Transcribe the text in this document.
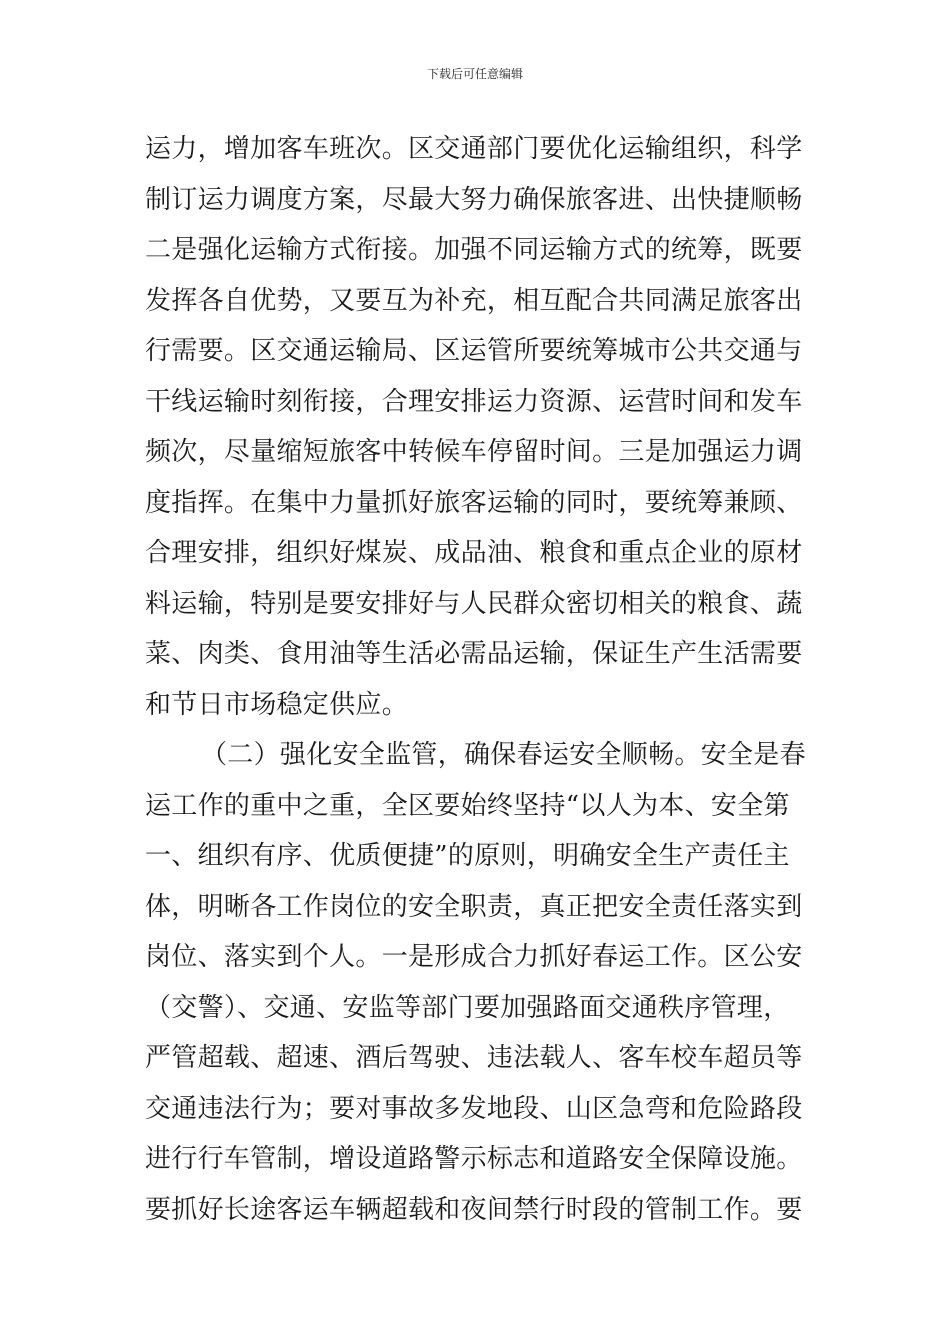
下载后可任意编辑
运力，增加客车班次。区交通部门要优化运输组织，科学
制订运力调度方案，尽最大努力确保旅客进、出快捷顺畅
二是强化运输方式衔接。加强不同运输方式的统筹，既要
发挥各自优势，又要互为补充，相互配合共同满足旅客出
行需要。区交通运输局、区运管所要统筹城市公共交通与
干线运输时刻衔接，合理安排运力资源、运营时间和发车
频次，尽量缩短旅客中转候车停留时间。三是加强运力调
度指挥。在集中力量抓好旅客运输的同时，要统筹兼顾、
合理安排，组织好煤炭、成品油、粮食和重点企业的原材
料运输，特别是要安排好与人民群众密切相关的粮食、蔬
菜、肉类、食用油等生活必需品运输，保证生产生活需要
和节日市场稳定供应。
（二）强化安全监管，确保春运安全顺畅。安全是春
运工作的重中之重，全区要始终坚持“以人为本、安全第
一、组织有序、优质便捷”的原则，明确安全生产责任主
体，明晰各工作岗位的安全职责，真正把安全责任落实到
岗位、落实到个人。一是形成合力抓好春运工作。区公安
（交警）、交通、安监等部门要加强路面交通秩序管理，
严管超载、超速、酒后驾驶、违法载人、客车校车超员等
交通违法行为；要对事故多发地段、山区急弯和危险路段
进行行车管制，增设道路警示标志和道路安全保障设施。
要抓好长途客运车辆超载和夜间禁行时段的管制工作。要
